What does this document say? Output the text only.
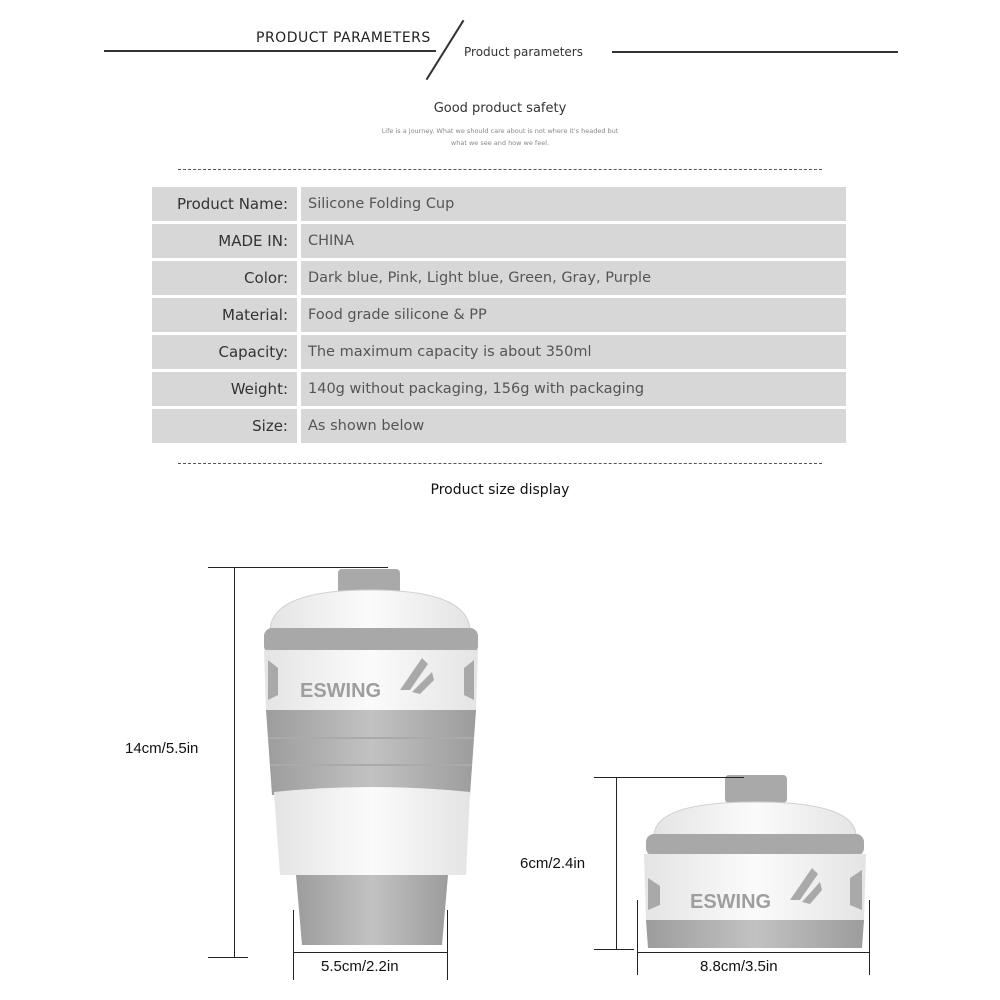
PRODUCT PARAMETERS
Product parameters
Good product safety
Life is a journey. What we should care about is not where it's headed but
what we see and how we feel.
Product Name:	Silicone Folding Cup
MADE IN:	CHINA
Color:	Dark blue, Pink, Light blue, Green, Gray, Purple
Material:	Food grade silicone & PP
Capacity:	The maximum capacity is about 350ml
Weight:	140g without packaging, 156g with packaging
Size:	As shown below
Product size display
ESWING
ESWING
14cm/5.5in
5.5cm/2.2in
6cm/2.4in
8.8cm/3.5in
